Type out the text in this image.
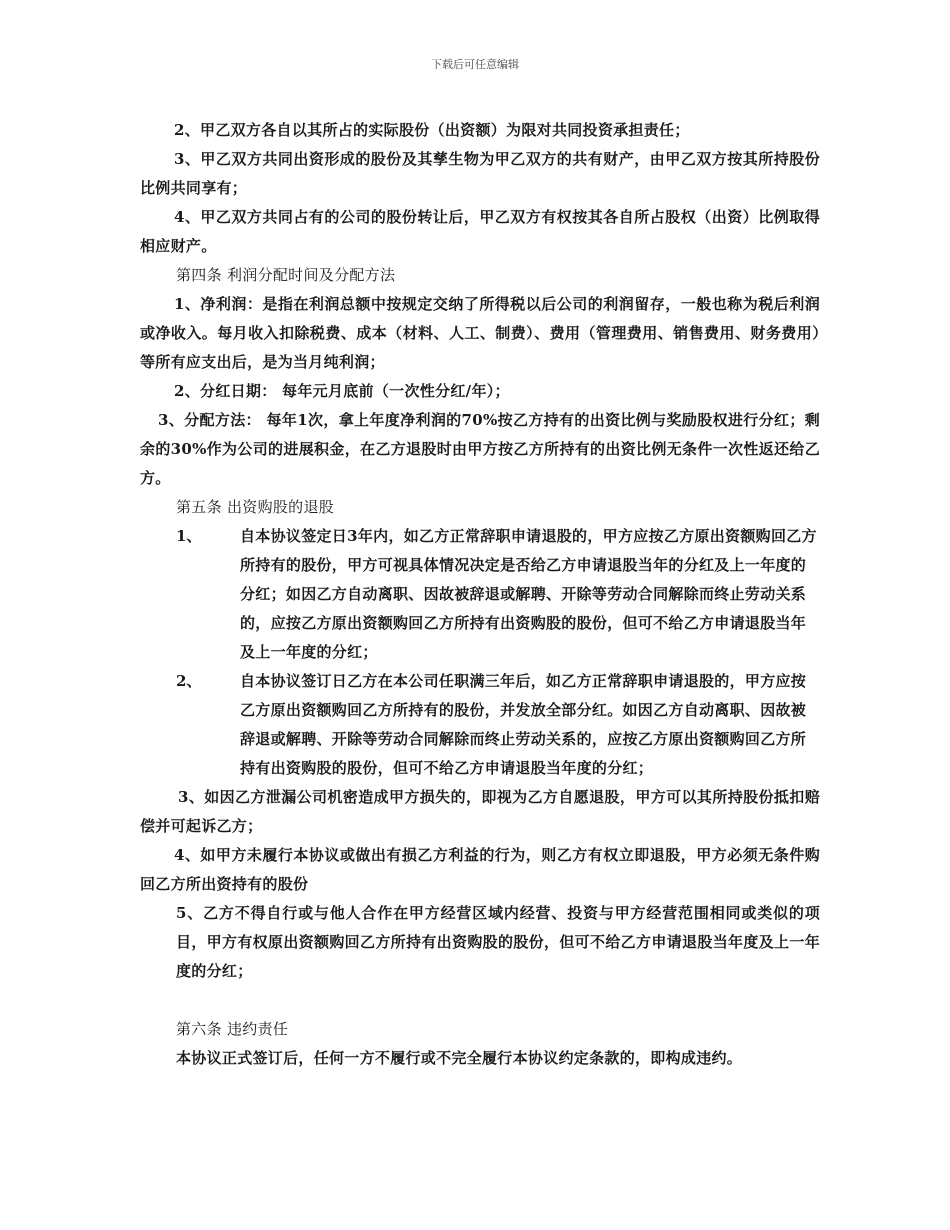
下载后可任意编辑

2、甲乙双方各自以其所占的实际股份（出资额）为限对共同投资承担责任；

3、甲乙双方共同出资形成的股份及其孳生物为甲乙双方的共有财产，由甲乙双方按其所持股份比例共同享有；

4、甲乙双方共同占有的公司的股份转让后，甲乙双方有权按其各自所占股权（出资）比例取得相应财产。

第四条 利润分配时间及分配方法

1、净利润：是指在利润总额中按规定交纳了所得税以后公司的利润留存，一般也称为税后利润或净收入。每月收入扣除税费、成本（材料、人工、制费）、费用（管理费用、销售费用、财务费用）等所有应支出后，是为当月纯利润；

2、分红日期： 每年元月底前（一次性分红/年）；

3、分配方法： 每年1次，拿上年度净利润的70%按乙方持有的出资比例与奖励股权进行分红；剩余的30%作为公司的进展积金，在乙方退股时由甲方按乙方所持有的出资比例无条件一次性返还给乙方。

第五条 出资购股的退股

1、	自本协议签定日3年内，如乙方正常辞职申请退股的，甲方应按乙方原出资额购回乙方所持有的股份，甲方可视具体情况决定是否给乙方申请退股当年的分红及上一年度的分红；如因乙方自动离职、因故被辞退或解聘、开除等劳动合同解除而终止劳动关系的，应按乙方原出资额购回乙方所持有出资购股的股份，但可不给乙方申请退股当年及上一年度的分红；
2、	自本协议签订日乙方在本公司任职满三年后，如乙方正常辞职申请退股的，甲方应按乙方原出资额购回乙方所持有的股份，并发放全部分红。如因乙方自动离职、因故被辞退或解聘、开除等劳动合同解除而终止劳动关系的，应按乙方原出资额购回乙方所持有出资购股的股份，但可不给乙方申请退股当年度的分红；

3、如因乙方泄漏公司机密造成甲方损失的，即视为乙方自愿退股，甲方可以其所持股份抵扣赔偿并可起诉乙方；

4、如甲方未履行本协议或做出有损乙方利益的行为，则乙方有权立即退股，甲方必须无条件购回乙方所出资持有的股份

5、乙方不得自行或与他人合作在甲方经营区域内经营、投资与甲方经营范围相同或类似的项目，甲方有权原出资额购回乙方所持有出资购股的股份，但可不给乙方申请退股当年度及上一年度的分红；

第六条 违约责任

本协议正式签订后，任何一方不履行或不完全履行本协议约定条款的，即构成违约。
